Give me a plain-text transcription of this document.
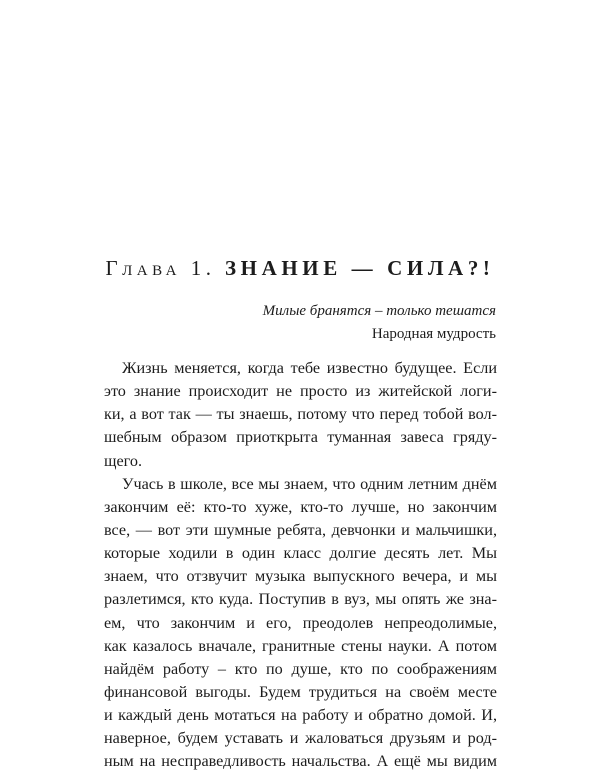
Глава 1. ЗНАНИЕ — СИЛА?!
Милые бранятся – только тешатся
Народная мудрость
Жизнь меняется, когда тебе известно будущее. Если
это знание происходит не просто из житейской логи-
ки, а вот так — ты знаешь, потому что перед тобой вол-
шебным образом приоткрыта туманная завеса гряду-
щего.
Учась в школе, все мы знаем, что одним летним днём
закончим её: кто-то хуже, кто-то лучше, но закончим
все, — вот эти шумные ребята, девчонки и мальчишки,
которые ходили в один класс долгие десять лет. Мы
знаем, что отзвучит музыка выпускного вечера, и мы
разлетимся, кто куда. Поступив в вуз, мы опять же зна-
ем, что закончим и его, преодолев непреодолимые,
как казалось вначале, гранитные стены науки. А потом
найдём работу – кто по душе, кто по соображениям
финансовой выгоды. Будем трудиться на своём месте
и каждый день мотаться на работу и обратно домой. И,
наверное, будем уставать и жаловаться друзьям и род-
ным на несправедливость начальства. А ещё мы видим
